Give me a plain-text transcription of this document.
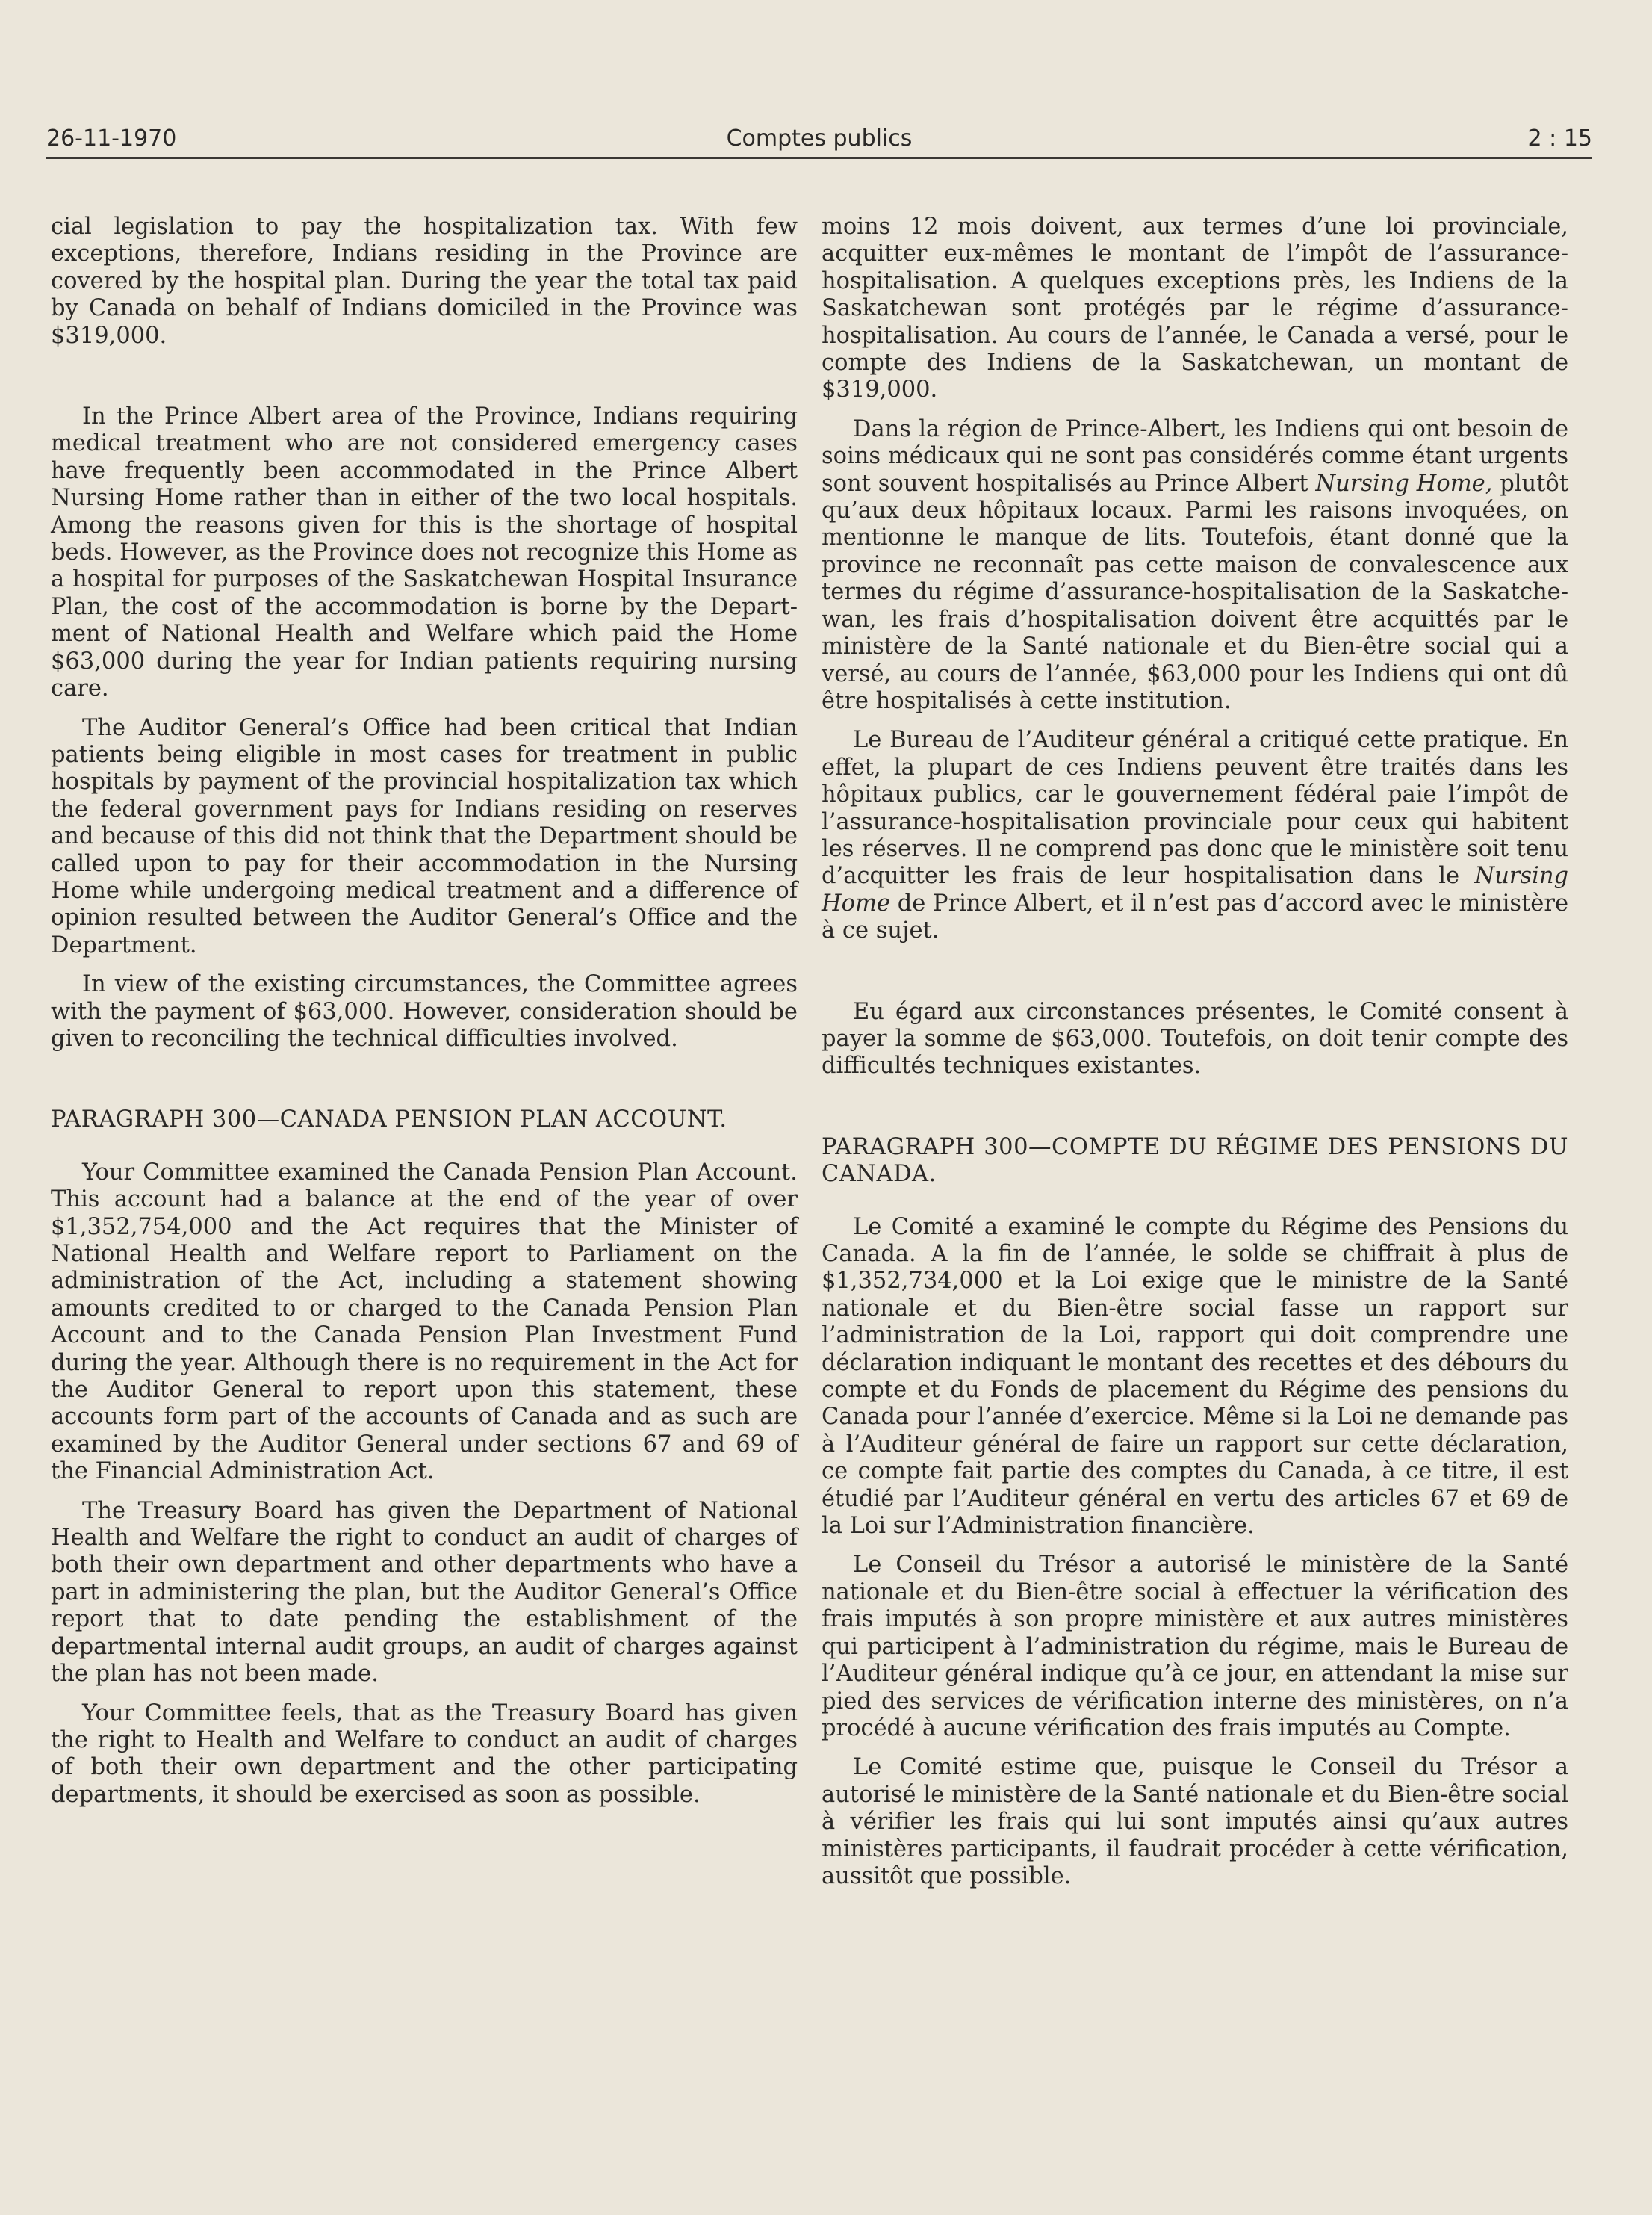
26-11-1970	Comptes publics	2 : 15

cial legislation to pay the hospitalization tax. With few exceptions, therefore, Indians residing in the Province are covered by the hospital plan. During the year the total tax paid by Canada on behalf of Indians domiciled in the Province was $319,000.

In the Prince Albert area of the Province, Indians requiring medical treatment who are not considered emergency cases have frequently been accommodated in the Prince Albert Nursing Home rather than in either of the two local hospitals. Among the reasons given for this is the shortage of hospital beds. However, as the Province does not recognize this Home as a hospital for purposes of the Saskatchewan Hospital Insurance Plan, the cost of the accommodation is borne by the Department of National Health and Welfare which paid the Home $63,000 during the year for Indian patients requiring nursing care.

The Auditor General’s Office had been critical that Indian patients being eligible in most cases for treatment in public hospitals by payment of the provincial hospitalization tax which the federal government pays for Indians residing on reserves and because of this did not think that the Department should be called upon to pay for their accommodation in the Nursing Home while undergoing medical treatment and a difference of opinion resulted between the Auditor General’s Office and the Department.

In view of the existing circumstances, the Committee agrees with the payment of $63,000. However, consideration should be given to reconciling the technical difficulties involved.

PARAGRAPH 300—CANADA PENSION PLAN ACCOUNT.

Your Committee examined the Canada Pension Plan Account. This account had a balance at the end of the year of over $1,352,754,000 and the Act requires that the Minister of National Health and Welfare report to Parliament on the administration of the Act, including a statement showing amounts credited to or charged to the Canada Pension Plan Account and to the Canada Pension Plan Investment Fund during the year. Although there is no requirement in the Act for the Auditor General to report upon this statement, these accounts form part of the accounts of Canada and as such are examined by the Auditor General under sections 67 and 69 of the Financial Administration Act.

The Treasury Board has given the Department of National Health and Welfare the right to conduct an audit of charges of both their own department and other departments who have a part in administering the plan, but the Auditor General’s Office report that to date pending the establishment of the departmental internal audit groups, an audit of charges against the plan has not been made.

Your Committee feels, that as the Treasury Board has given the right to Health and Welfare to conduct an audit of charges of both their own department and the other participating departments, it should be exercised as soon as possible.

moins 12 mois doivent, aux termes d’une loi provinciale, acquitter eux-mêmes le montant de l’impôt de l’assurance-hospitalisation. A quelques exceptions près, les Indiens de la Saskatchewan sont protégés par le régime d’assurance-hospitalisation. Au cours de l’année, le Canada a versé, pour le compte des Indiens de la Saskatchewan, un montant de $319,000.

Dans la région de Prince-Albert, les Indiens qui ont besoin de soins médicaux qui ne sont pas considérés comme étant urgents sont souvent hospitalisés au Prince Albert Nursing Home, plutôt qu’aux deux hôpitaux locaux. Parmi les raisons invoquées, on mentionne le manque de lits. Toutefois, étant donné que la province ne reconnaît pas cette maison de convalescence aux termes du régime d’assurance-hospitalisation de la Saskatchewan, les frais d’hospitalisation doivent être acquittés par le ministère de la Santé nationale et du Bien-être social qui a versé, au cours de l’année, $63,000 pour les Indiens qui ont dû être hospitalisés à cette institution.

Le Bureau de l’Auditeur général a critiqué cette pratique. En effet, la plupart de ces Indiens peuvent être traités dans les hôpitaux publics, car le gouvernement fédéral paie l’impôt de l’assurance-hospitalisation provinciale pour ceux qui habitent les réserves. Il ne comprend pas donc que le ministère soit tenu d’acquitter les frais de leur hospitalisation dans le Nursing Home de Prince Albert, et il n’est pas d’accord avec le ministère à ce sujet.

Eu égard aux circonstances présentes, le Comité consent à payer la somme de $63,000. Toutefois, on doit tenir compte des difficultés techniques existantes.

PARAGRAPH 300—COMPTE DU RÉGIME DES PENSIONS DU CANADA.

Le Comité a examiné le compte du Régime des Pensions du Canada. A la fin de l’année, le solde se chiffrait à plus de $1,352,734,000 et la Loi exige que le ministre de la Santé nationale et du Bien-être social fasse un rapport sur l’administration de la Loi, rapport qui doit comprendre une déclaration indiquant le montant des recettes et des débours du compte et du Fonds de placement du Régime des pensions du Canada pour l’année d’exercice. Même si la Loi ne demande pas à l’Auditeur général de faire un rapport sur cette déclaration, ce compte fait partie des comptes du Canada, à ce titre, il est étudié par l’Auditeur général en vertu des articles 67 et 69 de la Loi sur l’Administration financière.

Le Conseil du Trésor a autorisé le ministère de la Santé nationale et du Bien-être social à effectuer la vérification des frais imputés à son propre ministère et aux autres ministères qui participent à l’administration du régime, mais le Bureau de l’Auditeur général indique qu’à ce jour, en attendant la mise sur pied des services de vérification interne des ministères, on n’a procédé à aucune vérification des frais imputés au Compte.

Le Comité estime que, puisque le Conseil du Trésor a autorisé le ministère de la Santé nationale et du Bien-être social à vérifier les frais qui lui sont imputés ainsi qu’aux autres ministères participants, il faudrait procéder à cette vérification, aussitôt que possible.
